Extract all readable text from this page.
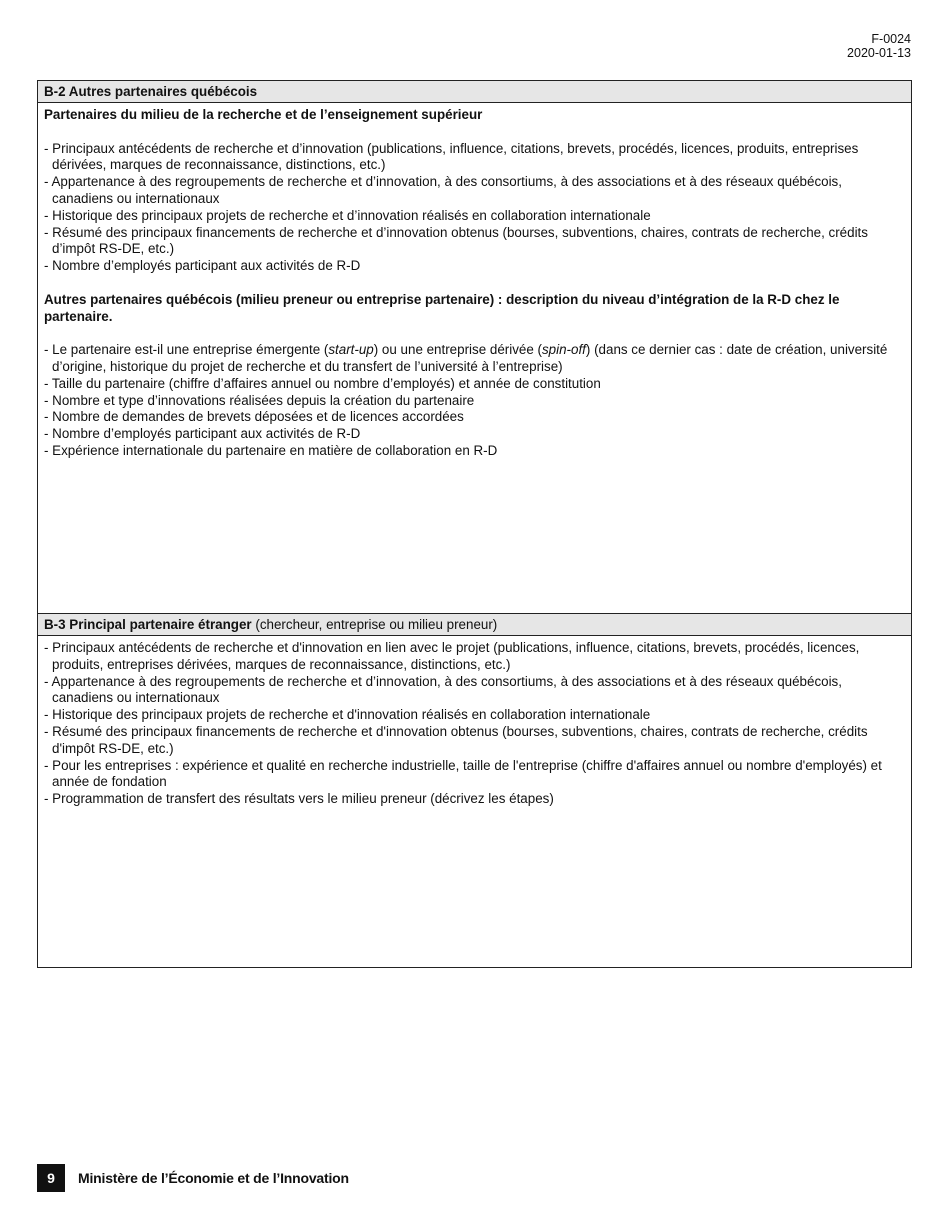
F-0024
2020-01-13
B-2 Autres partenaires québécois

Partenaires du milieu de la recherche et de l’enseignement supérieur

- Principaux antécédents de recherche et d’innovation (publications, influence, citations, brevets, procédés, licences, produits, entreprises dérivées, marques de reconnaissance, distinctions, etc.)
- Appartenance à des regroupements de recherche et d’innovation, à des consortiums, à des associations et à des réseaux québécois, canadiens ou internationaux
- Historique des principaux projets de recherche et d’innovation réalisés en collaboration internationale
- Résumé des principaux financements de recherche et d’innovation obtenus (bourses, subventions, chaires, contrats de recherche, crédits d’impôt RS-DE, etc.)
- Nombre d’employés participant aux activités de R-D

Autres partenaires québécois (milieu preneur ou entreprise partenaire) : description du niveau d’intégration de la R-D chez le partenaire.

- Le partenaire est-il une entreprise émergente (start-up) ou une entreprise dérivée (spin-off) (dans ce dernier cas : date de création, université d’origine, historique du projet de recherche et du transfert de l’université à l’entreprise)
- Taille du partenaire (chiffre d’affaires annuel ou nombre d’employés) et année de constitution
- Nombre et type d’innovations réalisées depuis la création du partenaire
- Nombre de demandes de brevets déposées et de licences accordées
- Nombre d’employés participant aux activités de R-D
- Expérience internationale du partenaire en matière de collaboration en R-D
B-3 Principal partenaire étranger (chercheur, entreprise ou milieu preneur)
- Principaux antécédents de recherche et d'innovation en lien avec le projet (publications, influence, citations, brevets, procédés, licences, produits, entreprises dérivées, marques de reconnaissance, distinctions, etc.)
- Appartenance à des regroupements de recherche et d’innovation, à des consortiums, à des associations et à des réseaux québécois, canadiens ou internationaux
- Historique des principaux projets de recherche et d'innovation réalisés en collaboration internationale
- Résumé des principaux financements de recherche et d'innovation obtenus (bourses, subventions, chaires, contrats de recherche, crédits d'impôt RS-DE, etc.)
- Pour les entreprises : expérience et qualité en recherche industrielle, taille de l'entreprise (chiffre d'affaires annuel ou nombre d'employés) et année de fondation
- Programmation de transfert des résultats vers le milieu preneur (décrivez les étapes)
9	Ministère de l’Économie et de l’Innovation
